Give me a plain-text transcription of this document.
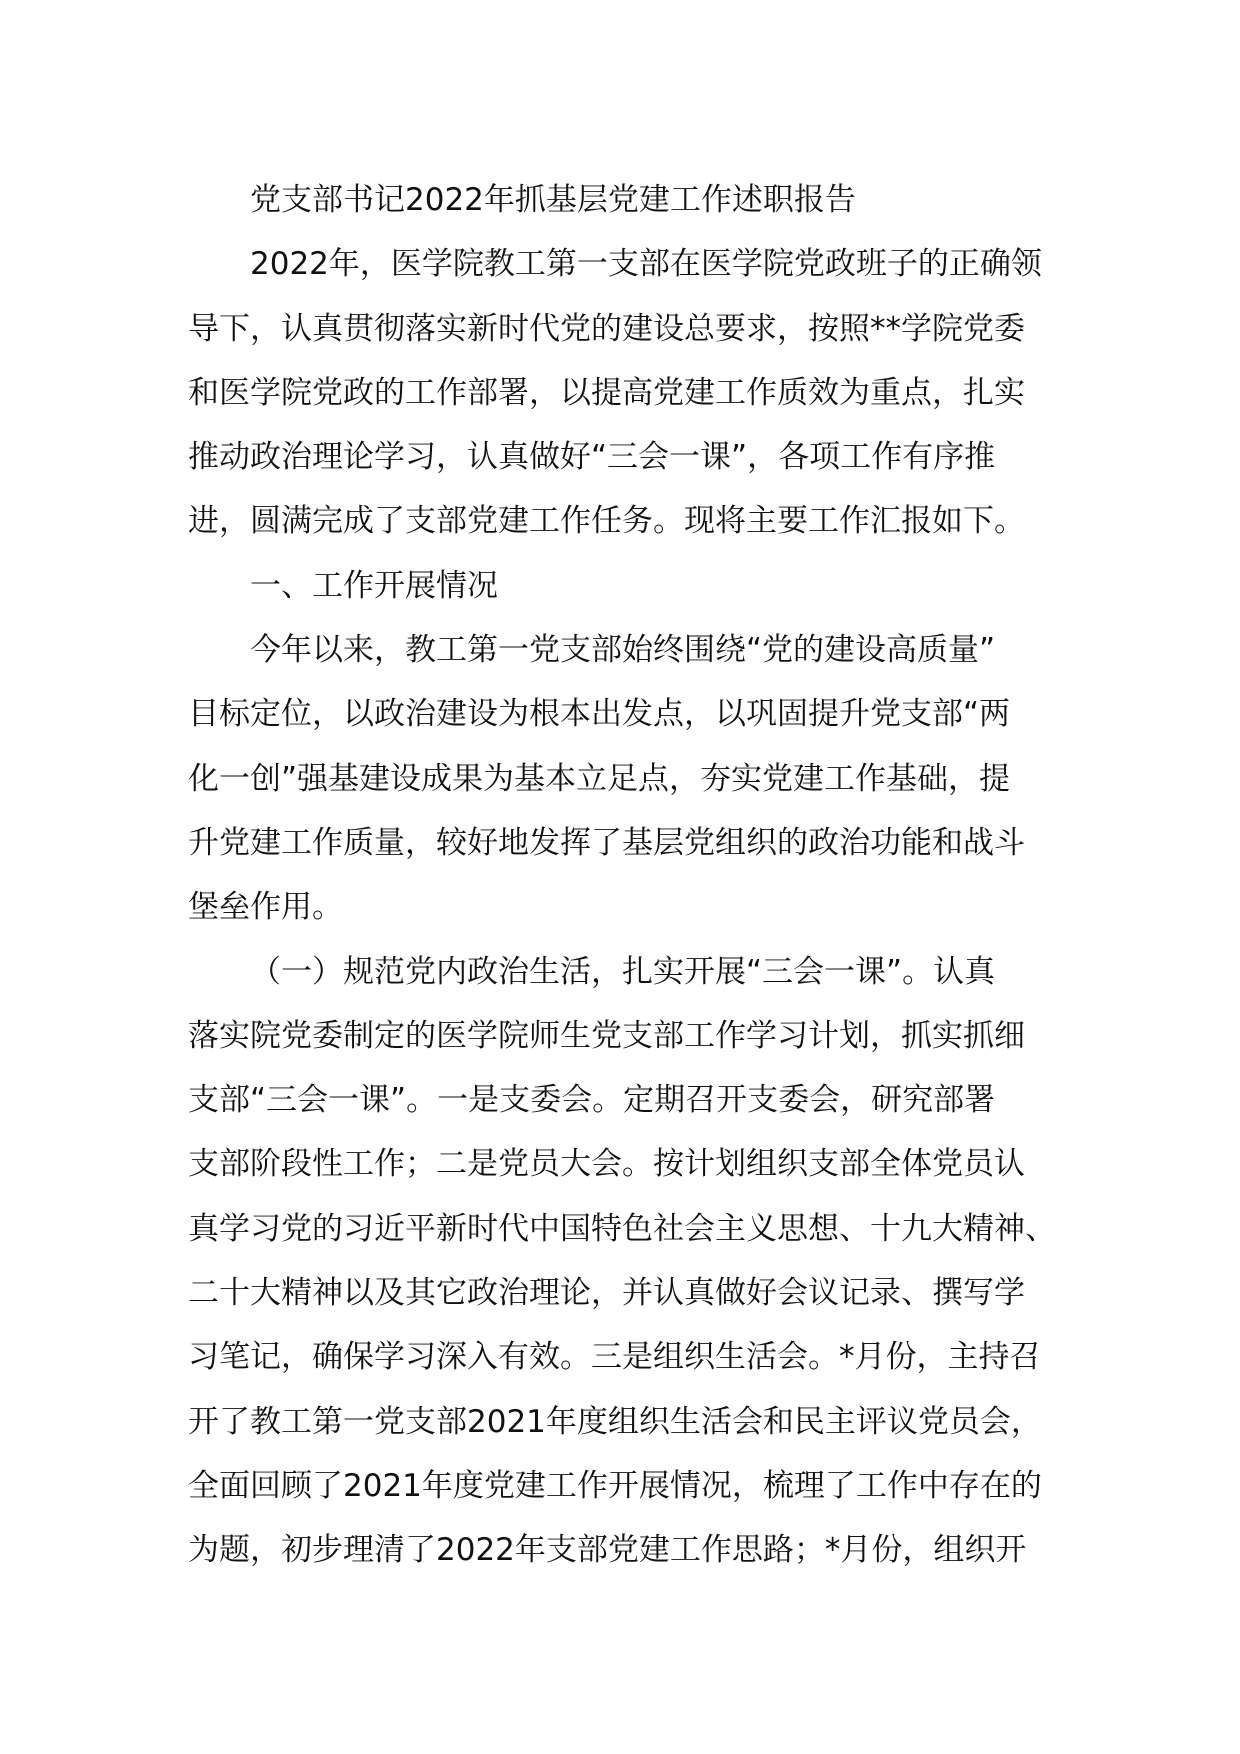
党支部书记2022年抓基层党建工作述职报告

2022年，医学院教工第一支部在医学院党政班子的正确领
导下，认真贯彻落实新时代党的建设总要求，按照**学院党委
和医学院党政的工作部署，以提高党建工作质效为重点，扎实
推动政治理论学习，认真做好“三会一课”，各项工作有序推
进，圆满完成了支部党建工作任务。现将主要工作汇报如下。

一、工作开展情况

今年以来，教工第一党支部始终围绕“党的建设高质量”
目标定位，以政治建设为根本出发点，以巩固提升党支部“两
化一创”强基建设成果为基本立足点，夯实党建工作基础，提
升党建工作质量，较好地发挥了基层党组织的政治功能和战斗
堡垒作用。

（一）规范党内政治生活，扎实开展“三会一课”。认真
落实院党委制定的医学院师生党支部工作学习计划，抓实抓细
支部“三会一课”。一是支委会。定期召开支委会，研究部署
支部阶段性工作；二是党员大会。按计划组织支部全体党员认
真学习党的习近平新时代中国特色社会主义思想、十九大精神、
二十大精神以及其它政治理论，并认真做好会议记录、撰写学
习笔记，确保学习深入有效。三是组织生活会。*月份，主持召
开了教工第一党支部2021年度组织生活会和民主评议党员会，
全面回顾了2021年度党建工作开展情况，梳理了工作中存在的
为题，初步理清了2022年支部党建工作思路；*月份，组织开
